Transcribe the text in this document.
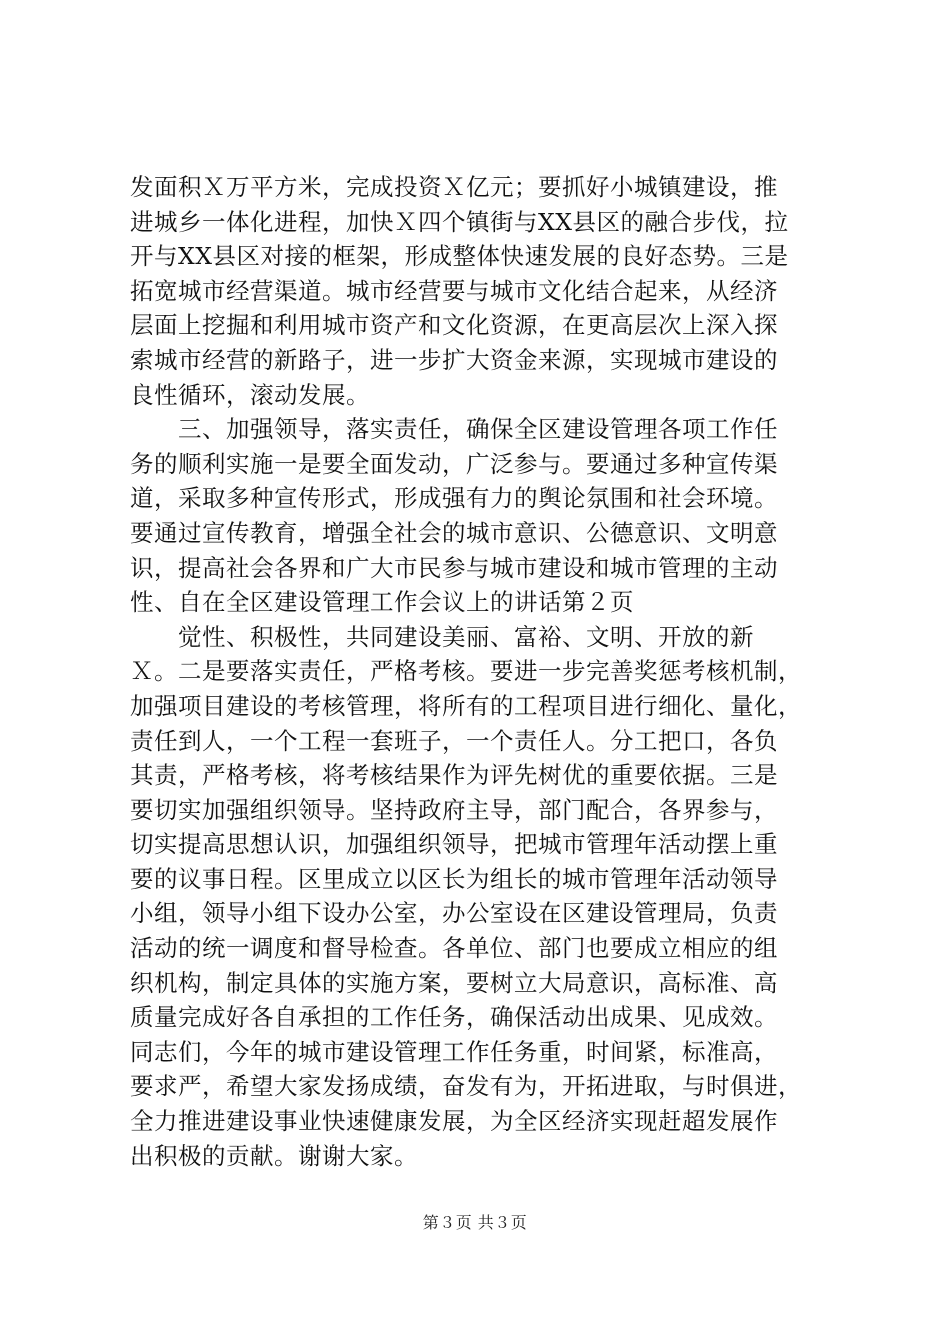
发面积Ｘ万平方米，完成投资Ｘ亿元；要抓好小城镇建设，推
进城乡一体化进程，加快Ｘ四个镇街与XX县区的融合步伐，拉
开与XX县区对接的框架，形成整体快速发展的良好态势。三是
拓宽城市经营渠道。城市经营要与城市文化结合起来，从经济
层面上挖掘和利用城市资产和文化资源，在更高层次上深入探
索城市经营的新路子，进一步扩大资金来源，实现城市建设的
良性循环，滚动发展。
　　三、加强领导，落实责任，确保全区建设管理各项工作任
务的顺利实施一是要全面发动，广泛参与。要通过多种宣传渠
道，采取多种宣传形式，形成强有力的舆论氛围和社会环境。
要通过宣传教育，增强全社会的城市意识、公德意识、文明意
识，提高社会各界和广大市民参与城市建设和城市管理的主动
性、自在全区建设管理工作会议上的讲话第２页
　　觉性、积极性，共同建设美丽、富裕、文明、开放的新
Ｘ。二是要落实责任，严格考核。要进一步完善奖惩考核机制，
加强项目建设的考核管理，将所有的工程项目进行细化、量化，
责任到人，一个工程一套班子，一个责任人。分工把口，各负
其责，严格考核，将考核结果作为评先树优的重要依据。三是
要切实加强组织领导。坚持政府主导，部门配合，各界参与，
切实提高思想认识，加强组织领导，把城市管理年活动摆上重
要的议事日程。区里成立以区长为组长的城市管理年活动领导
小组，领导小组下设办公室，办公室设在区建设管理局，负责
活动的统一调度和督导检查。各单位、部门也要成立相应的组
织机构，制定具体的实施方案，要树立大局意识，高标准、高
质量完成好各自承担的工作任务，确保活动出成果、见成效。
同志们，今年的城市建设管理工作任务重，时间紧，标准高，
要求严，希望大家发扬成绩，奋发有为，开拓进取，与时俱进，
全力推进建设事业快速健康发展，为全区经济实现赶超发展作
出积极的贡献。谢谢大家。
第３页 共３页
